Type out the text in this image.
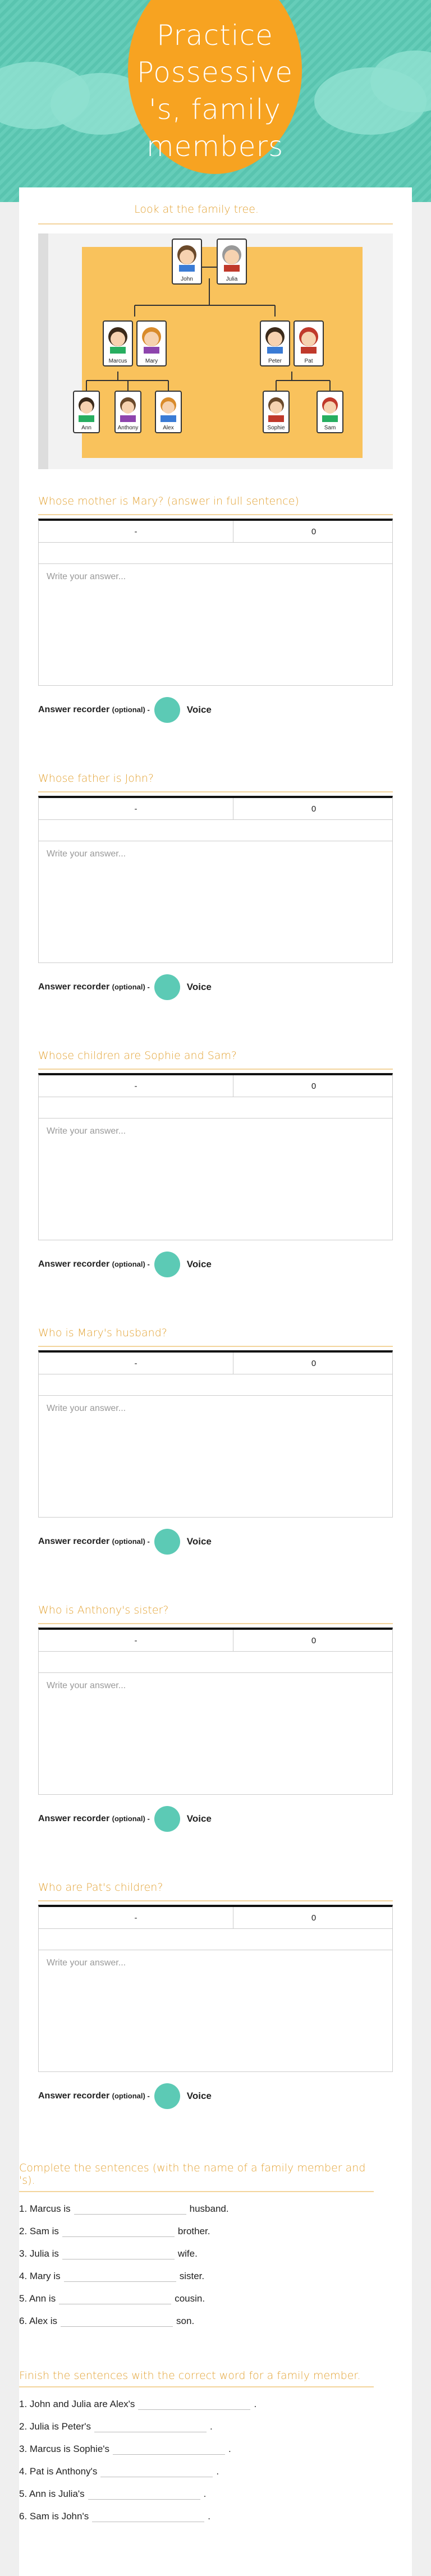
Practice Possessive 's, family members
Look at the family tree.
John	Julia
Marcus	Mary	Peter	Pat
Ann	Anthony	Alex	Sophie	Sam
Whose mother is Mary? (answer in full sentence)
-	0
Write your answer...
Answer recorder (optional) -	Voice
Whose father is John?
-	0
Write your answer...
Answer recorder (optional) -	Voice
Whose children are Sophie and Sam?
-	0
Write your answer...
Answer recorder (optional) -	Voice
Who is Mary's husband?
-	0
Write your answer...
Answer recorder (optional) -	Voice
Who is Anthony's sister?
-	0
Write your answer...
Answer recorder (optional) -	Voice
Who are Pat's children?
-	0
Write your answer...
Answer recorder (optional) -	Voice
Complete the sentences (with the name of a family member and 's).
1. Marcus is	husband.
2. Sam is	brother.
3. Julia is	wife.
4. Mary is	sister.
5. Ann is	cousin.
6. Alex is	son.
Finish the sentences with the correct word for a family member.
1. John and Julia are Alex's	.
2. Julia is Peter's	.
3. Marcus is Sophie's	.
4. Pat is Anthony's	.
5. Ann is Julia's	.
6. Sam is John's	.
